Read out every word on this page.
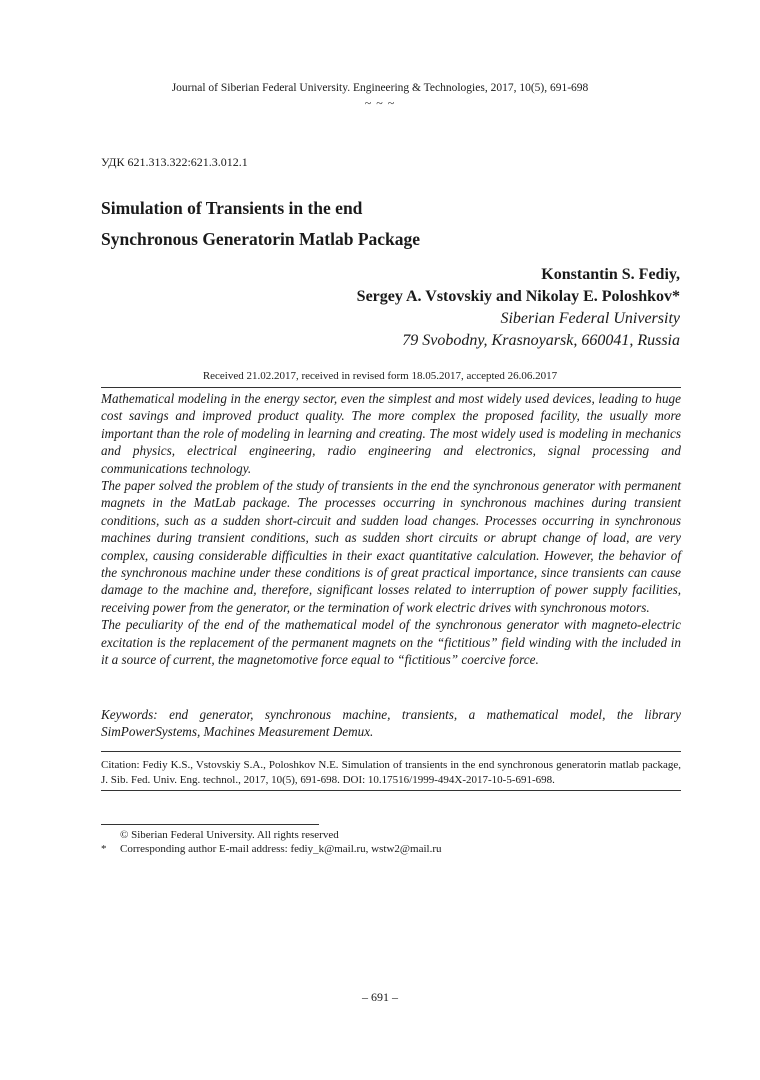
Journal of Siberian Federal University. Engineering & Technologies, 2017, 10(5), 691-698
~ ~ ~
УДК 621.313.322:621.3.012.1
Simulation of Transients in the end
Synchronous Generatorin Matlab Package
Konstantin S. Fediy,
Sergey A. Vstovskiy and Nikolay E. Poloshkov*
Siberian Federal University
79 Svobodny, Krasnoyarsk, 660041, Russia
Received 21.02.2017, received in revised form 18.05.2017, accepted 26.06.2017

Mathematical modeling in the energy sector, even the simplest and most widely used devices, leading to huge cost savings and improved product quality. The more complex the proposed facility, the usually more important than the role of modeling in learning and creating. The most widely used is modeling in mechanics and physics, electrical engineering, radio engineering and electronics, signal processing and communications technology.

The paper solved the problem of the study of transients in the end the synchronous generator with permanent magnets in the MatLab package. The processes occurring in synchronous machines during transient conditions, such as a sudden short-circuit and sudden load changes. Processes occurring in synchronous machines during transient conditions, such as sudden short circuits or abrupt change of load, are very complex, causing considerable difficulties in their exact quantitative calculation. However, the behavior of the synchronous machine under these conditions is of great practical importance, since transients can cause damage to the machine and, therefore, significant losses related to interruption of power supply facilities, receiving power from the generator, or the termination of work electric drives with synchronous motors.

The peculiarity of the end of the mathematical model of the synchronous generator with magneto-electric excitation is the replacement of the permanent magnets on the “fictitious” field winding with the included in it a source of current, the magnetomotive force equal to “fictitious” coercive force.

Keywords: end generator, synchronous machine, transients, a mathematical model, the library SimPowerSystems, Machines Measurement Demux.
Citation: Fediy K.S., Vstovskiy S.A., Poloshkov N.E. Simulation of transients in the end synchronous generatorin matlab package, J. Sib. Fed. Univ. Eng. technol., 2017, 10(5), 691-698. DOI: 10.17516/1999-494X-2017-10-5-691-698.
© Siberian Federal University. All rights reserved
* Corresponding author E-mail address: fediy_k@mail.ru, wstw2@mail.ru
– 691 –
